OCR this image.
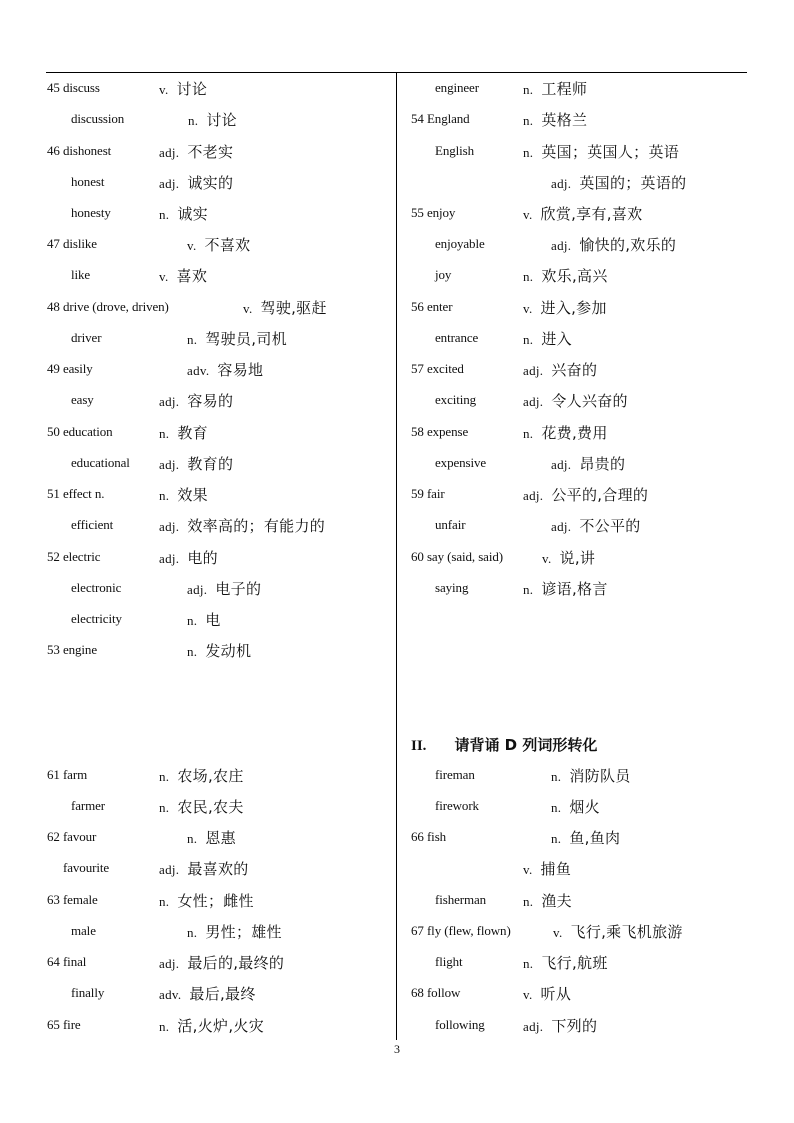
45 discuss	v. 讨论
discussion	n. 讨论
46 dishonest	adj. 不老实
honest	adj. 诚实的
honesty	n. 诚实
47 dislike	v. 不喜欢
like	v. 喜欢
48 drive (drove, driven)	v. 驾驶,驱赶
driver	n. 驾驶员,司机
49 easily	adv. 容易地
easy	adj. 容易的
50 education	n. 教育
educational adj. 教育的
51 effect n.	n. 效果
efficient	adj. 效率高的；有能力的
52 electric	adj. 电的
electronic	adj. 电子的
electricity	n. 电
53 engine	n. 发动机
61 farm	n. 农场,农庄
farmer	n. 农民,农夫
62 favour	n. 恩惠
favourite	adj. 最喜欢的
63 female	n. 女性；雌性
male	n. 男性；雄性
64 final	adj. 最后的,最终的
finally	adv. 最后,最终
65 fire	n. 活,火炉,火灾
engineer	n. 工程师
54 England	n. 英格兰
English	n. 英国；英国人；英语
adj. 英国的；英语的
55 enjoy	v. 欣赏,享有,喜欢
enjoyable	adj. 愉快的,欢乐的
joy	n. 欢乐,高兴
56 enter	v. 进入,参加
entrance	n. 进入
57 excited	adj. 兴奋的
exciting	adj. 令人兴奋的
58 expense	n. 花费,费用
expensive	adj. 昂贵的
59 fair	adj. 公平的,合理的
unfair	adj. 不公平的
60 say (said, said)	v. 说,讲
saying	n. 谚语,格言
II. 请背诵 D 列词形转化
fireman	n. 消防队员
firework	n. 烟火
66 fish	n. 鱼,鱼肉
v. 捕鱼
fisherman	n. 渔夫
67 fly (flew, flown)	v. 飞行,乘飞机旅游
flight	n. 飞行,航班
68 follow	v. 听从
following	adj. 下列的
3
